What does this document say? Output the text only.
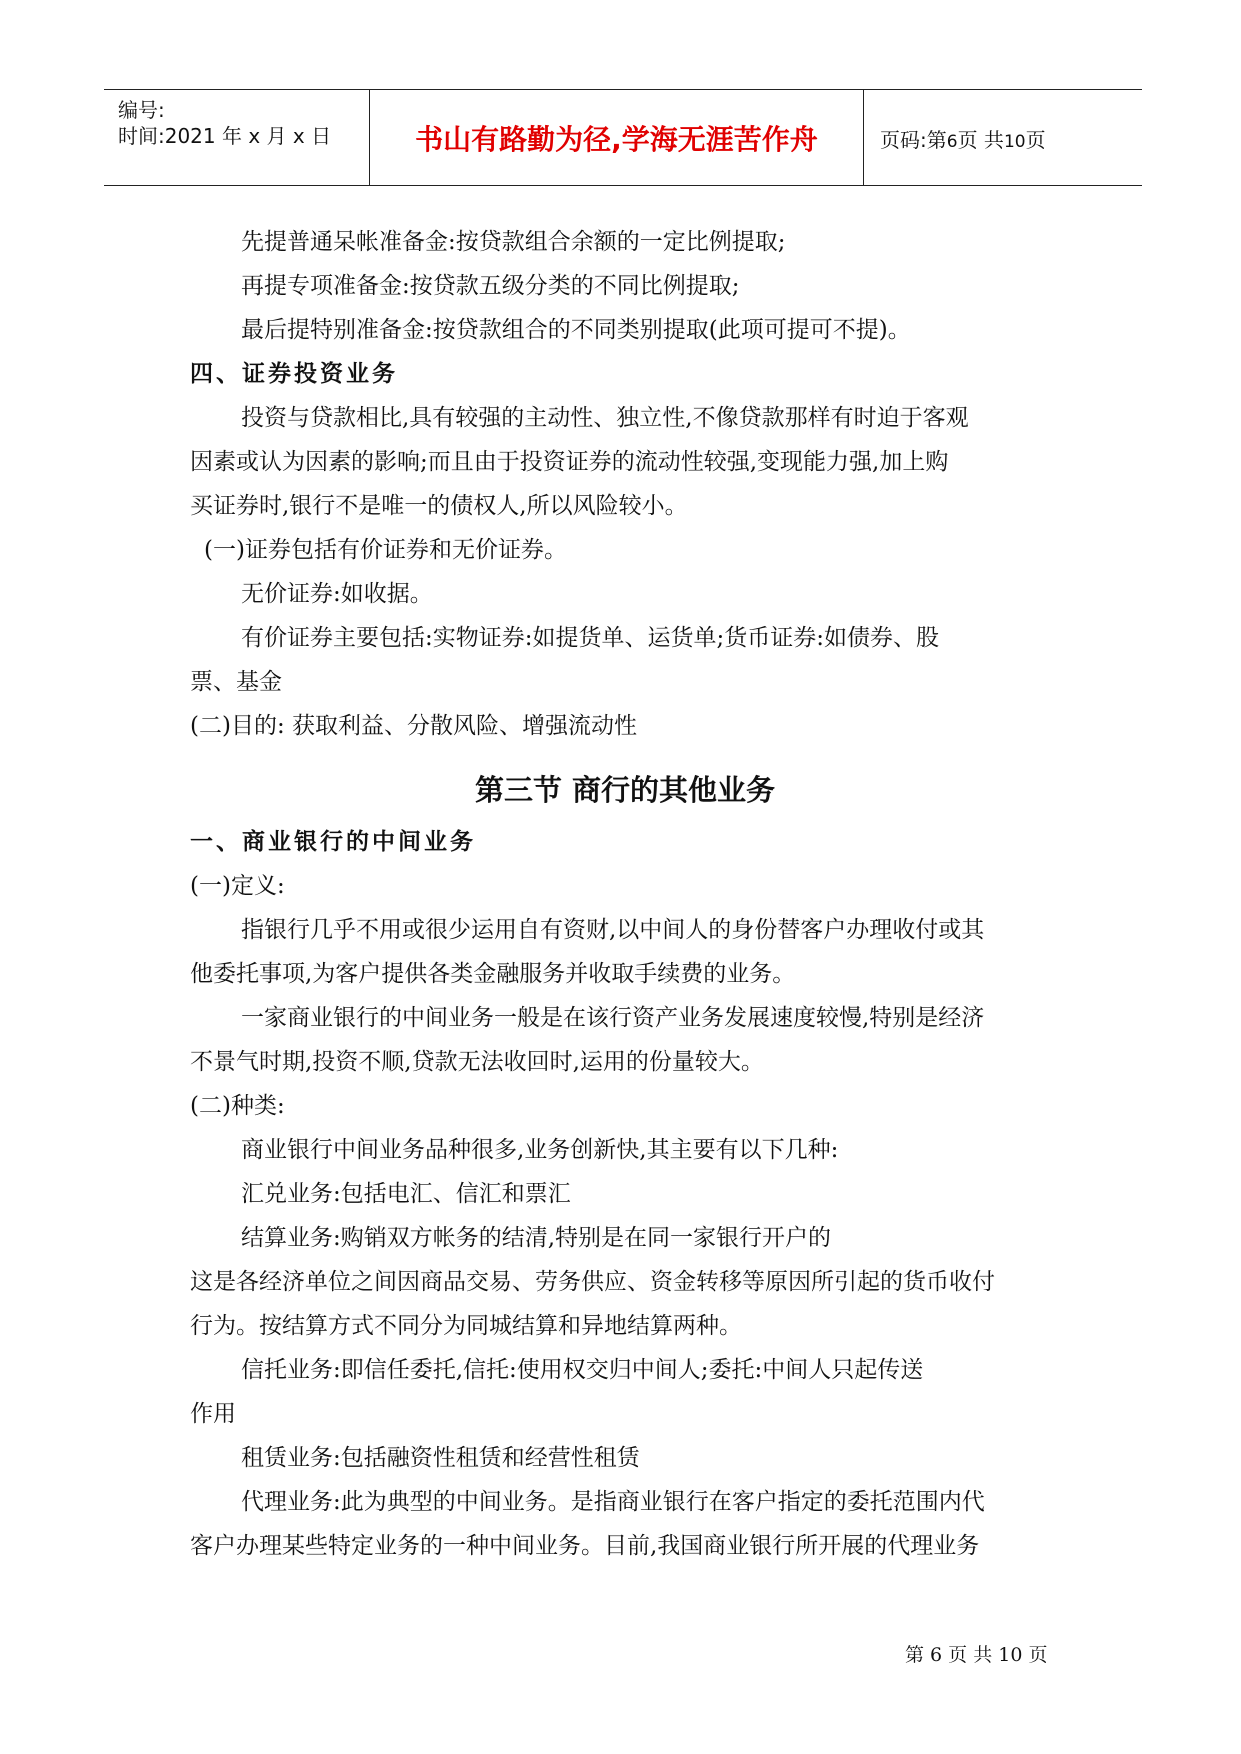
编号:
时间:2021 年 x 月 x 日	书山有路勤为径,学海无涯苦作舟	页码:第6页 共10页

先提普通呆帐准备金:按贷款组合余额的一定比例提取;

再提专项准备金:按贷款五级分类的不同比例提取;

最后提特别准备金:按贷款组合的不同类别提取(此项可提可不提)。

四、证券投资业务

投资与贷款相比,具有较强的主动性、独立性,不像贷款那样有时迫于客观

因素或认为因素的影响;而且由于投资证券的流动性较强,变现能力强,加上购

买证券时,银行不是唯一的债权人,所以风险较小。

(一)证券包括有价证券和无价证券。

无价证券:如收据。

有价证券主要包括:实物证券:如提货单、运货单;货币证券:如债券、股

票、基金

(二)目的: 获取利益、分散风险、增强流动性

第三节 商行的其他业务

一、商业银行的中间业务

(一)定义:

指银行几乎不用或很少运用自有资财,以中间人的身份替客户办理收付或其

他委托事项,为客户提供各类金融服务并收取手续费的业务。

一家商业银行的中间业务一般是在该行资产业务发展速度较慢,特别是经济

不景气时期,投资不顺,贷款无法收回时,运用的份量较大。

(二)种类:

商业银行中间业务品种很多,业务创新快,其主要有以下几种:

汇兑业务:包括电汇、信汇和票汇

结算业务:购销双方帐务的结清,特别是在同一家银行开户的

这是各经济单位之间因商品交易、劳务供应、资金转移等原因所引起的货币收付

行为。按结算方式不同分为同城结算和异地结算两种。

信托业务:即信任委托,信托:使用权交归中间人;委托:中间人只起传送

作用

租赁业务:包括融资性租赁和经营性租赁

代理业务:此为典型的中间业务。是指商业银行在客户指定的委托范围内代

客户办理某些特定业务的一种中间业务。目前,我国商业银行所开展的代理业务

第 6 页 共 10 页
